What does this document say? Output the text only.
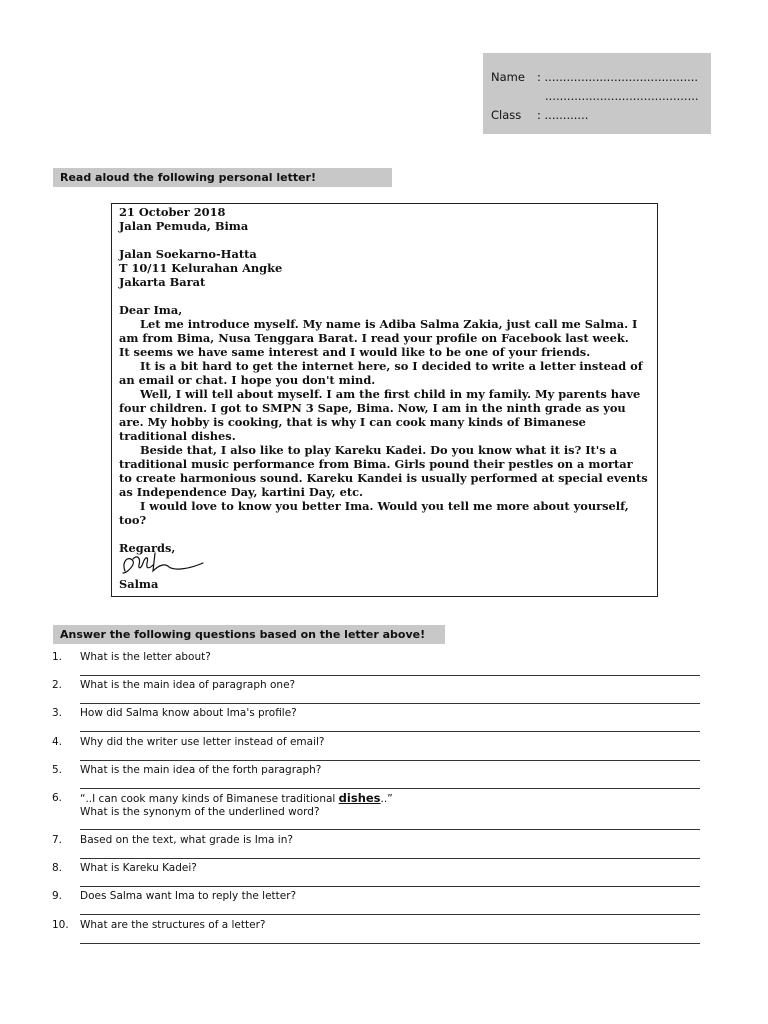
Name : ..........................................
..........................................
Class : ............
Read aloud the following personal letter!
21 October 2018
Jalan Pemuda, Bima
Jalan Soekarno-Hatta
T 10/11 Kelurahan Angke
Jakarta Barat
Dear Ima,
Let me introduce myself. My name is Adiba Salma Zakia, just call me Salma. I
am from Bima, Nusa Tenggara Barat. I read your profile on Facebook last week.
It seems we have same interest and I would like to be one of your friends.
It is a bit hard to get the internet here, so I decided to write a letter instead of
an email or chat. I hope you don't mind.
Well, I will tell about myself. I am the first child in my family. My parents have
four children. I got to SMPN 3 Sape, Bima. Now, I am in the ninth grade as you
are. My hobby is cooking, that is why I can cook many kinds of Bimanese
traditional dishes.
Beside that, I also like to play Kareku Kadei. Do you know what it is? It's a
traditional music performance from Bima. Girls pound their pestles on a mortar
to create harmonious sound. Kareku Kandei is usually performed at special events
as Independence Day, kartini Day, etc.
I would love to know you better Ima. Would you tell me more about yourself,
too?
Regards,
Salma
Answer the following questions based on the letter above!
1. What is the letter about?
2. What is the main idea of paragraph one?
3. How did Salma know about Ima's profile?
4. Why did the writer use letter instead of email?
5. What is the main idea of the forth paragraph?
6. “..I can cook many kinds of Bimanese traditional dishes..”
What is the synonym of the underlined word?
7. Based on the text, what grade is Ima in?
8. What is Kareku Kadei?
9. Does Salma want Ima to reply the letter?
10. What are the structures of a letter?
